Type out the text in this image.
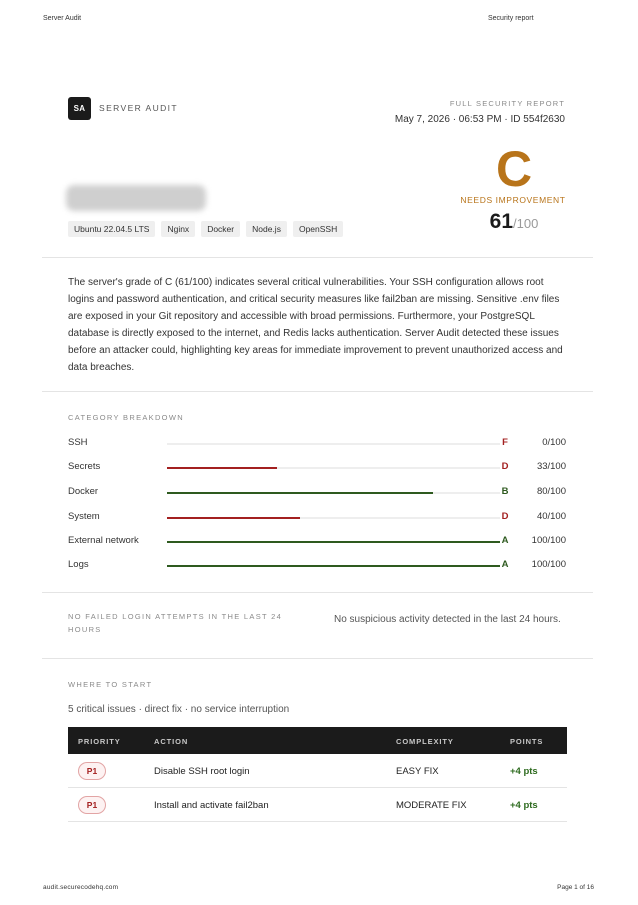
Server Audit	Security report
SA	SERVER AUDIT	FULL SECURITY REPORT
May 7, 2026 · 06:53 PM · ID 554f2630
C
NEEDS IMPROVEMENT
61/100
Ubuntu 22.04.5 LTS	Nginx	Docker	Node.js	OpenSSH

The server's grade of C (61/100) indicates several critical vulnerabilities. Your SSH configuration allows root logins and password authentication, and critical security measures like fail2ban are missing. Sensitive .env files are exposed in your Git repository and accessible with broad permissions. Furthermore, your PostgreSQL database is directly exposed to the internet, and Redis lacks authentication. Server Audit detected these issues before an attacker could, highlighting key areas for immediate improvement to prevent unauthorized access and data breaches.

CATEGORY BREAKDOWN
SSH	F	0/100
Secrets	D	33/100
Docker	B	80/100
System	D	40/100
External network	A	100/100
Logs	A	100/100
NO FAILED LOGIN ATTEMPTS IN THE LAST 24 HOURS
No suspicious activity detected in the last 24 hours.
WHERE TO START
5 critical issues · direct fix · no service interruption
PRIORITY	ACTION	COMPLEXITY	POINTS
P1	Disable SSH root login	EASY FIX	+4 pts
P1	Install and activate fail2ban	MODERATE FIX	+4 pts
audit.securecodehq.com	Page 1 of 16
